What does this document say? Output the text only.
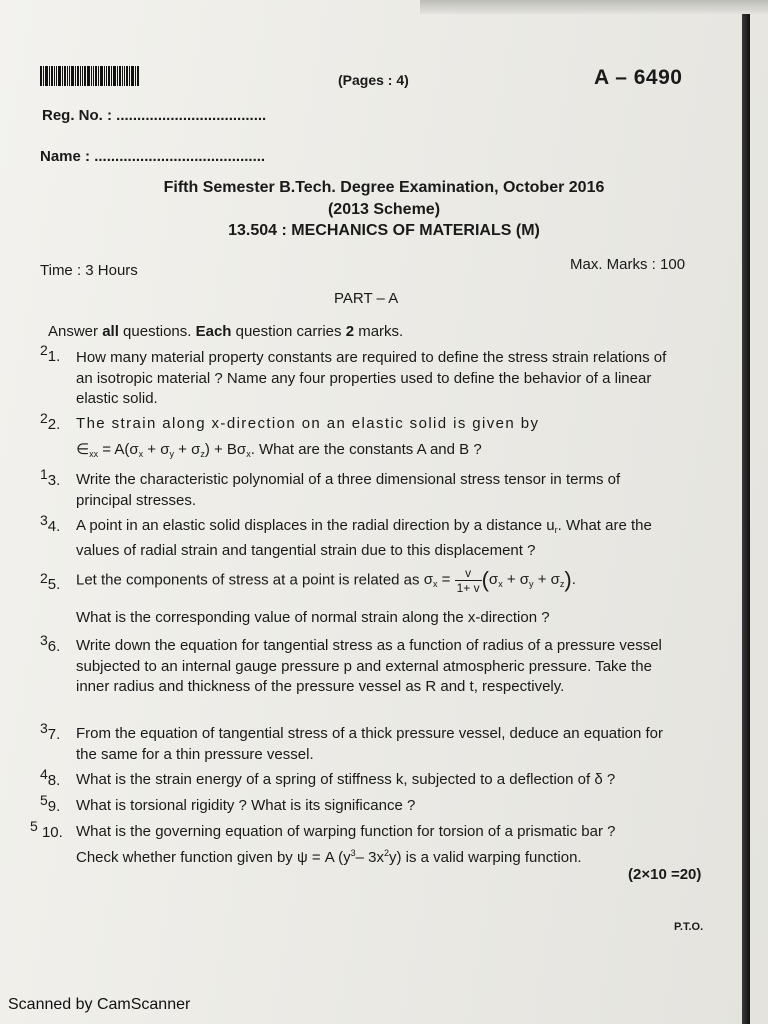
(Pages : 4)	A – 6490
Reg. No. : ....................................
Name : .........................................
Fifth Semester B.Tech. Degree Examination, October 2016
(2013 Scheme)
13.504 : MECHANICS OF MATERIALS (M)
Time : 3 Hours	Max. Marks : 100
PART – A
Answer all questions. Each question carries 2 marks.
21. How many material property constants are required to define the stress strain relations of an isotropic material ? Name any four properties used to define the behavior of a linear elastic solid.
22. The strain along x-direction on an elastic solid is given by
$\in_{xx} = A(\sigma_x + \sigma_y + \sigma_z) + B\sigma_x$. What are the constants A and B ?
13. Write the characteristic polynomial of a three dimensional stress tensor in terms of principal stresses.
34. A point in an elastic solid displaces in the radial direction by a distance $u_r$. What are the values of radial strain and tangential strain due to this displacement ?
25. Let the components of stress at a point is related as $\sigma_x = \frac{v}{1+ v} (\sigma_x + \sigma_y + \sigma_z)$.
What is the corresponding value of normal strain along the x-direction ?
36. Write down the equation for tangential stress as a function of radius of a pressure vessel subjected to an internal gauge pressure p and external atmospheric pressure. Take the inner radius and thickness of the pressure vessel as R and t, respectively.
37. From the equation of tangential stress of a thick pressure vessel, deduce an equation for the same for a thin pressure vessel.
48. What is the strain energy of a spring of stiffness k, subjected to a deflection of δ ?
59. What is torsional rigidity ? What is its significance ?
5 10. What is the governing equation of warping function for torsion of a prismatic bar ?
Check whether function given by ψ = A ($y^3-$ $3x^2y$) is a valid warping function.
(2×10 =20)
P.T.O.
Scanned by CamScanner
